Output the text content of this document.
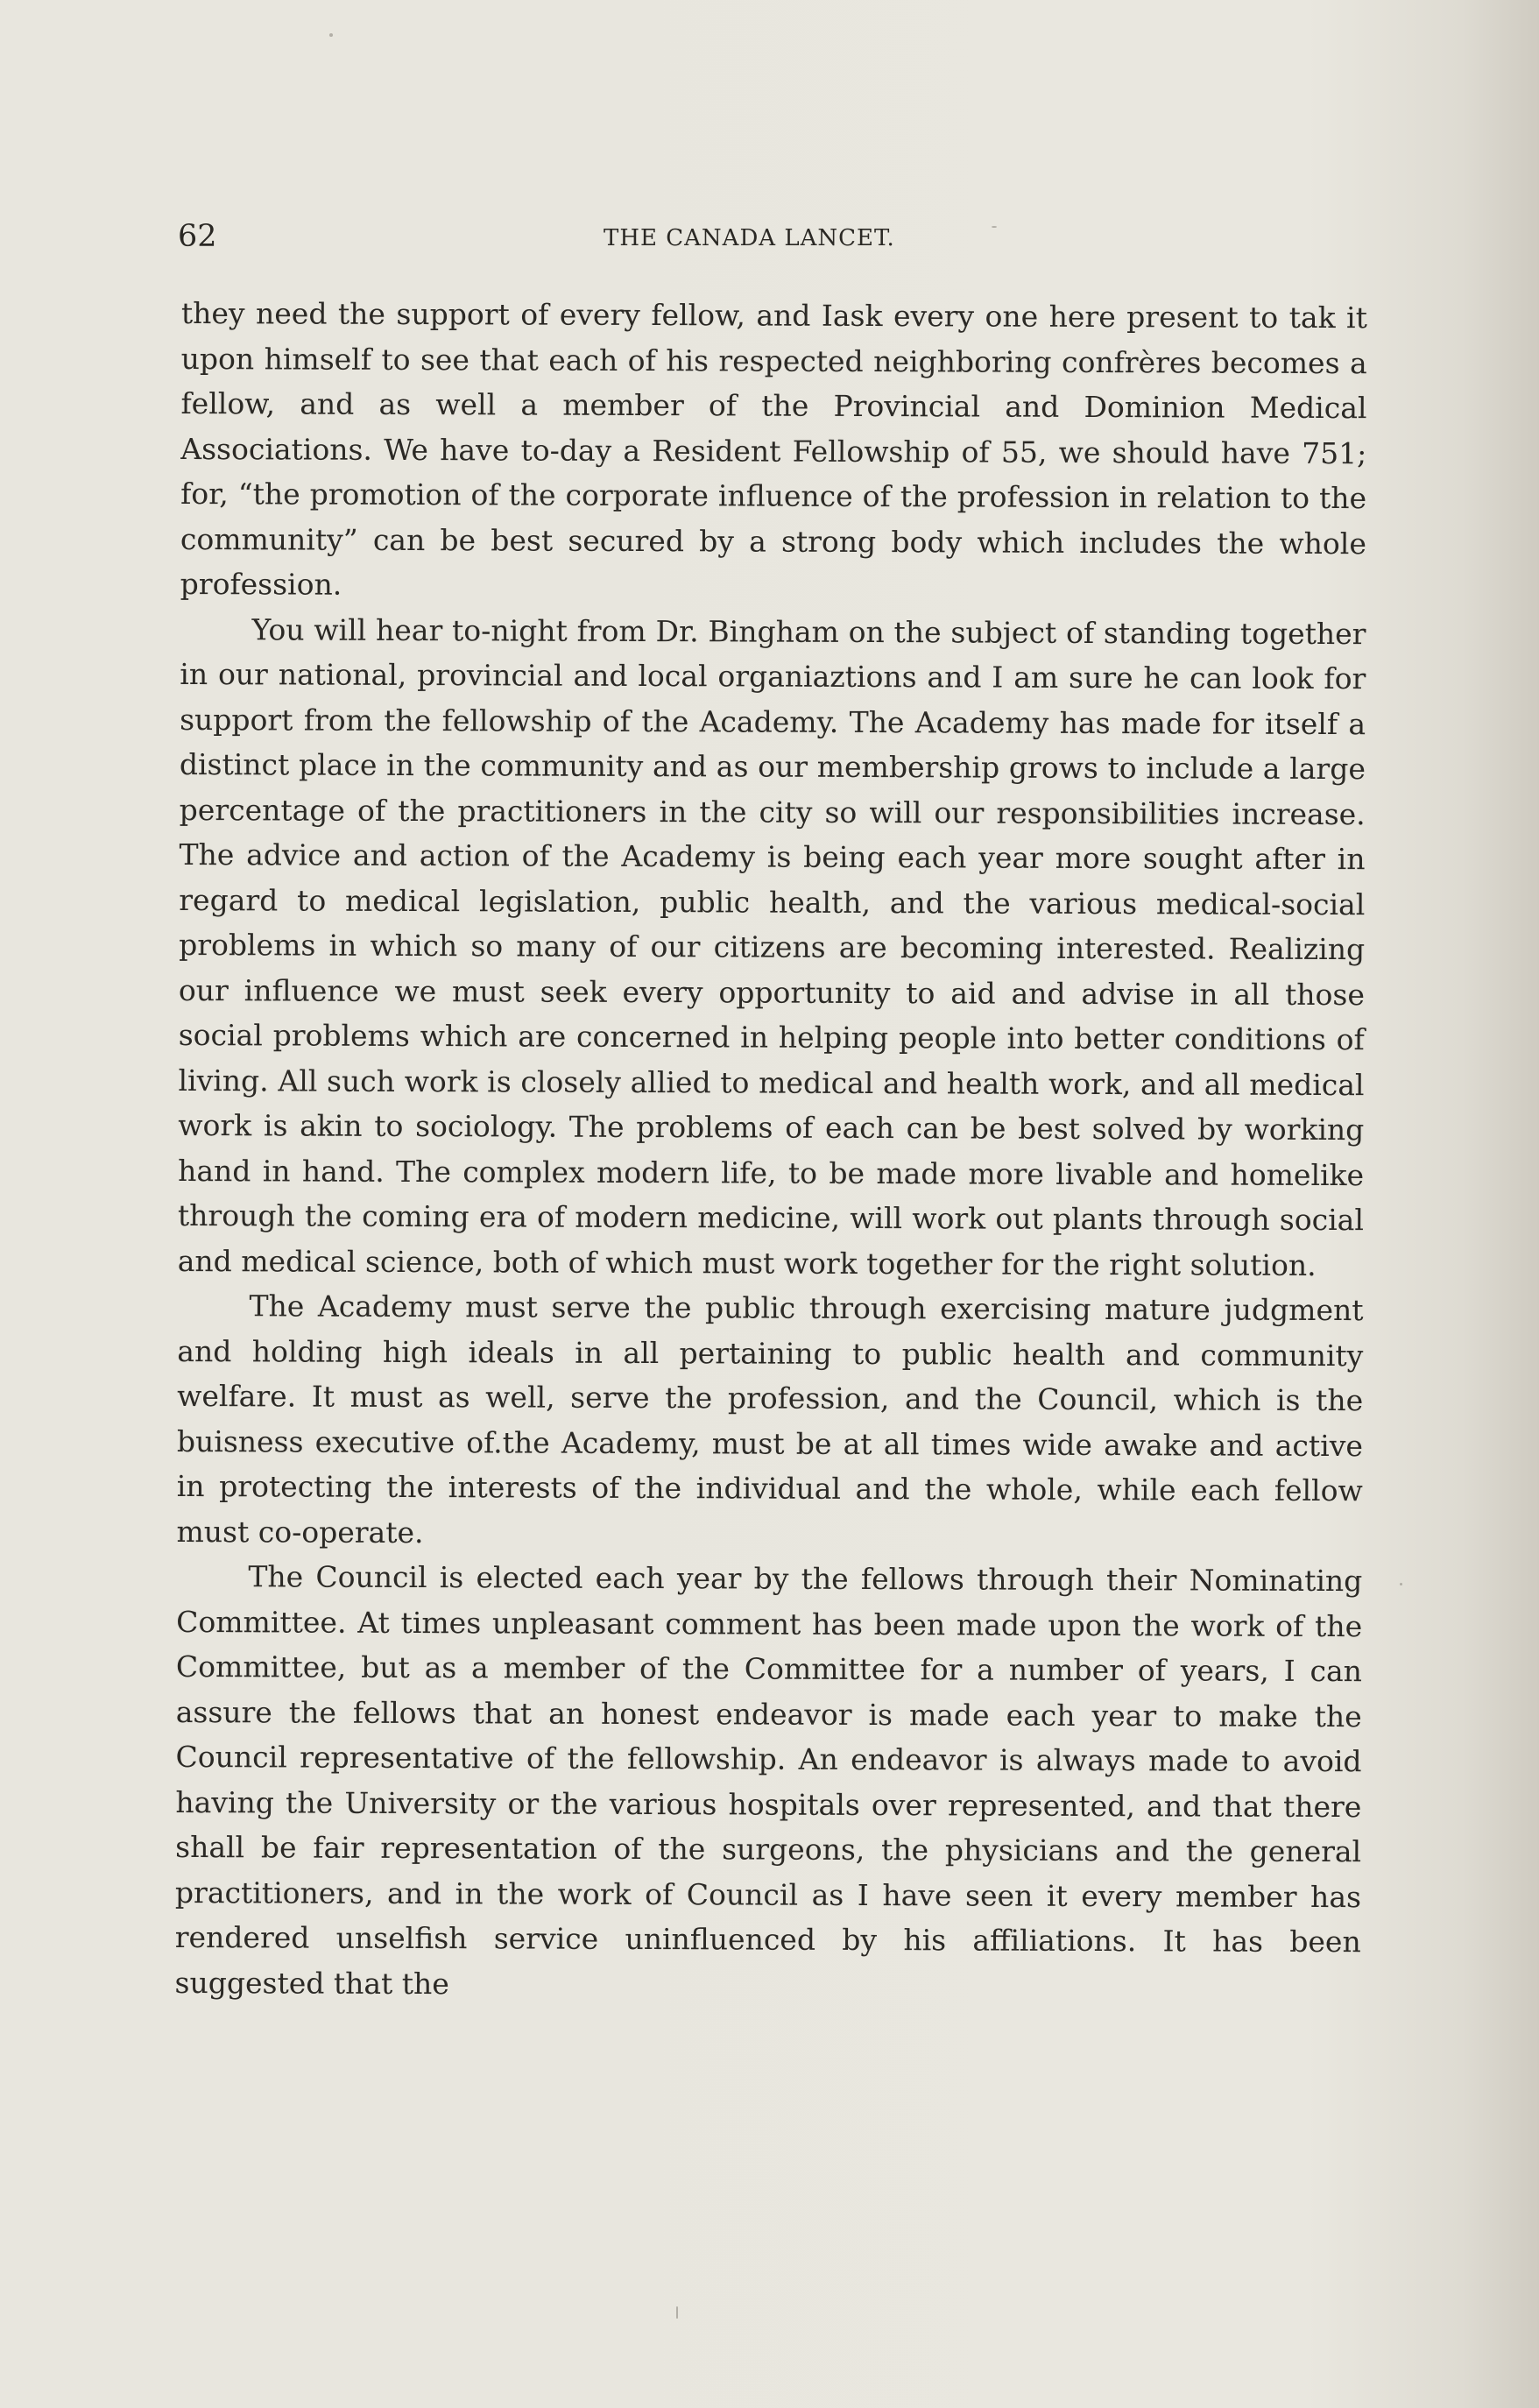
62	THE CANADA LANCET.

they need the support of every fellow, and Iask every one here present to tak it upon himself to see that each of his respected neighboring confrères becomes a fellow, and as well a member of the Provincial and Dominion Medical Associations. We have to-day a Resident Fellowship of 55, we should have 751; for, “the promotion of the corporate influence of the profession in relation to the community” can be best secured by a strong body which includes the whole profession.

You will hear to-night from Dr. Bingham on the subject of standing together in our national, provincial and local organiaztions and I am sure he can look for support from the fellowship of the Academy. The Academy has made for itself a distinct place in the community and as our membership grows to include a large percentage of the practitioners in the city so will our responsibilities increase. The advice and action of the Academy is being each year more sought after in regard to medical legislation, public health, and the various medical-social problems in which so many of our citizens are becoming interested. Realizing our influence we must seek every opportunity to aid and advise in all those social problems which are concerned in helping people into better conditions of living. All such work is closely allied to medical and health work, and all medical work is akin to sociology. The problems of each can be best solved by working hand in hand. The complex modern life, to be made more livable and homelike through the coming era of modern medicine, will work out plants through social and medical science, both of which must work together for the right solution.

The Academy must serve the public through exercising mature judgment and holding high ideals in all pertaining to public health and community welfare. It must as well, serve the profession, and the Council, which is the buisness executive of.the Academy, must be at all times wide awake and active in protecting the interests of the individual and the whole, while each fellow must co-operate.

The Council is elected each year by the fellows through their Nominating Committee. At times unpleasant comment has been made upon the work of the Committee, but as a member of the Committee for a number of years, I can assure the fellows that an honest endeavor is made each year to make the Council representative of the fellowship. An endeavor is always made to avoid having the University or the various hospitals over represented, and that there shall be fair representation of the surgeons, the physicians and the general practitioners, and in the work of Council as I have seen it every member has rendered unselfish service uninfluenced by his affiliations. It has been suggested that the
